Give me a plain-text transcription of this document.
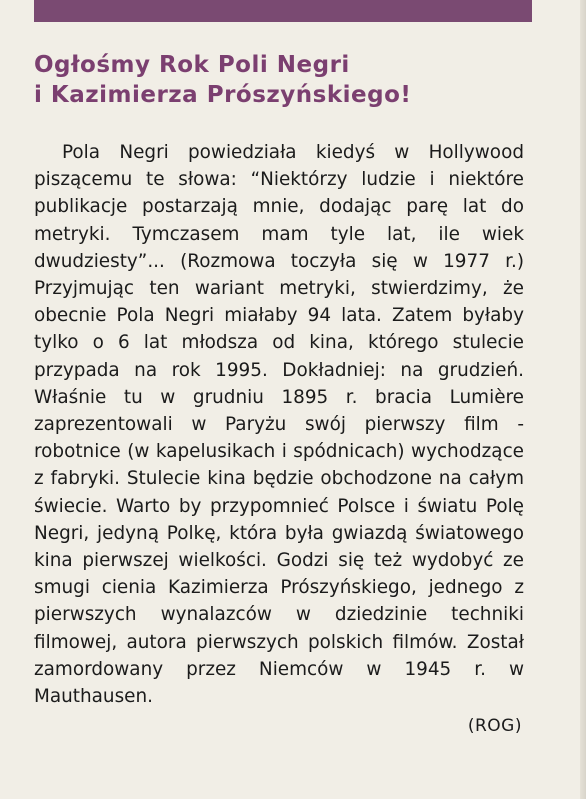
Ogłośmy Rok Poli Negri
i Kazimierza Prószyńskiego!

Pola Negri powiedziała kiedyś w Hollywood piszącemu te słowa: “Niektórzy ludzie i niektóre publikacje postarzają mnie, dodając parę lat do metryki. Tymczasem mam tyle lat, ile wiek dwudziesty”... (Rozmowa toczyła się w 1977 r.) Przyjmując ten wariant metryki, stwierdzimy, że obecnie Pola Negri miałaby 94 lata. Zatem byłaby tylko o 6 lat młodsza od kina, którego stulecie przypada na rok 1995. Dokładniej: na grudzień. Właśnie tu w grudniu 1895 r. bracia Lumière zaprezentowali w Paryżu swój pierwszy film - robotnice (w kapelusikach i spódnicach) wychodzące z fabryki. Stulecie kina będzie obchodzone na całym świecie. Warto by przypomnieć Polsce i światu Polę Negri, jedyną Polkę, która była gwiazdą światowego kina pierwszej wielkości. Godzi się też wydobyć ze smugi cienia Kazimierza Prószyńskiego, jednego z pierwszych wynalazców w dziedzinie techniki filmowej, autora pierwszych polskich filmów. Został zamordowany przez Niemców w 1945 r. w Mauthausen.

(ROG)
